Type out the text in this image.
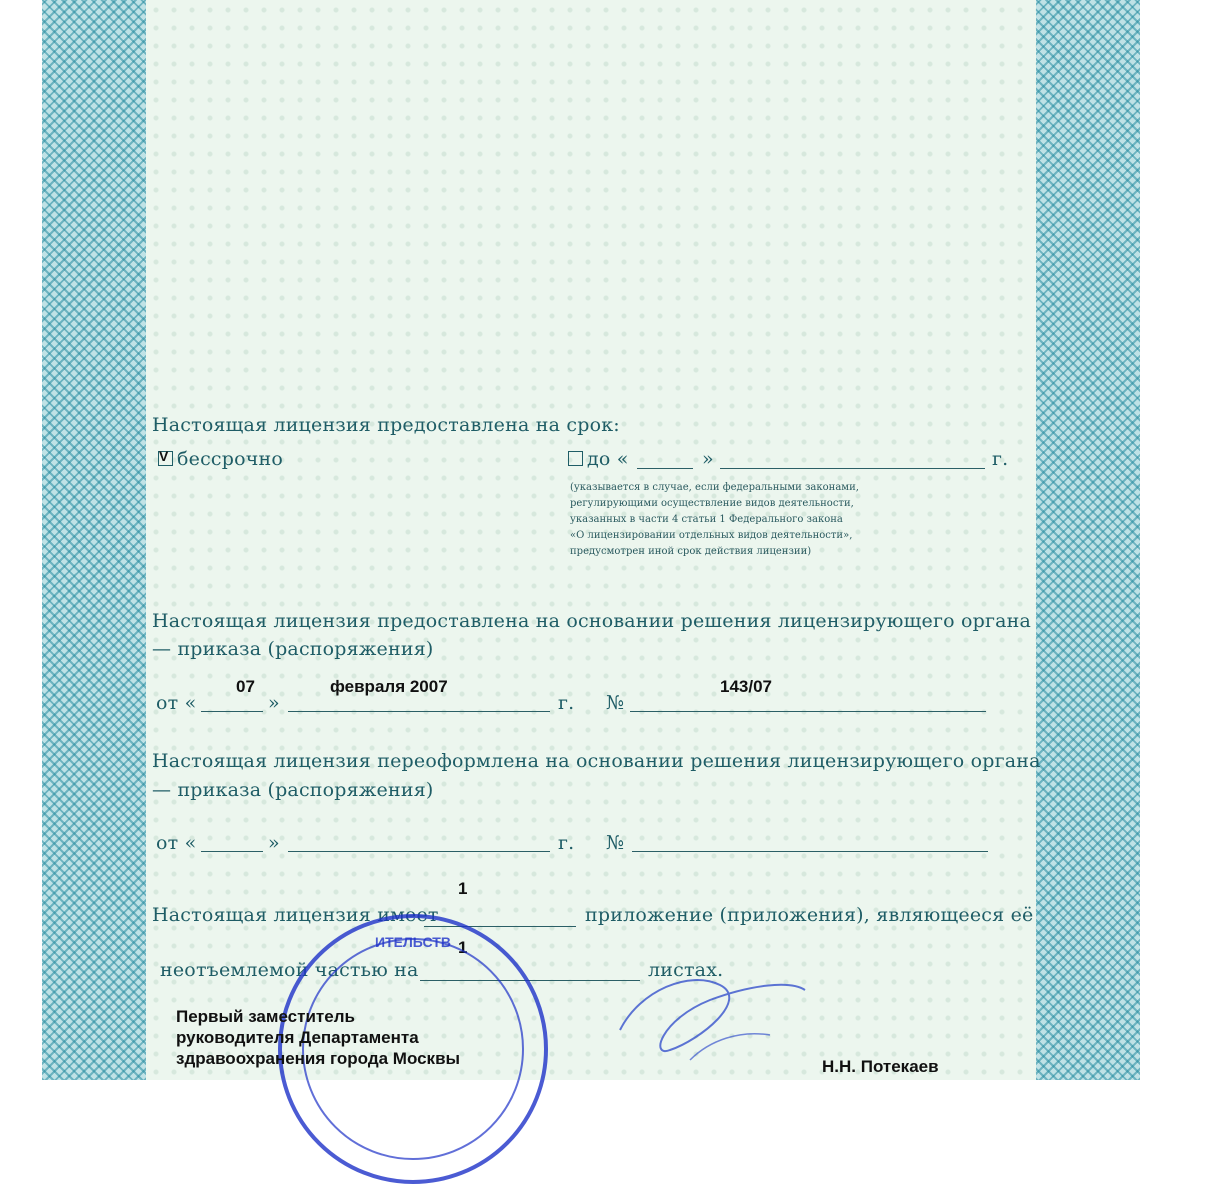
Настоящая лицензия предоставлена на срок:
V бессрочно	до «	»	г.
(указывается в случае, если федеральными законами,
регулирующими осуществление видов деятельности,
указанных в части 4 статьи 1 Федерального закона
«О лицензировании отдельных видов деятельности»,
предусмотрен иной срок действия лицензии)
Настоящая лицензия предоставлена на основании решения лицензирующего органа
— приказа (распоряжения)
07	февраля 2007	143/07
от «	»	г. №
Настоящая лицензия переоформлена на основании решения лицензирующего органа
— приказа (распоряжения)
от «	»	г. №
1
Настоящая лицензия имеет	приложение (приложения), являющееся её
1
неотъемлемой частью на	листах.
ИТЕЛЬСТВ
Первый заместитель
руководителя Департамента
здравоохранения города Москвы	Н.Н. Потекаев
